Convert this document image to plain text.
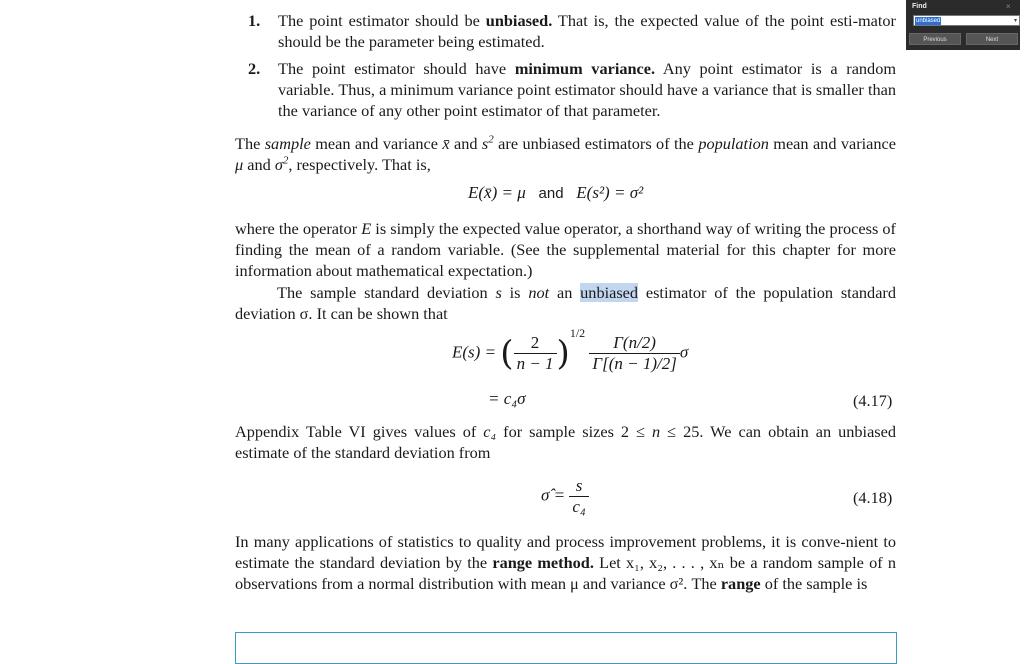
1. The point estimator should be unbiased. That is, the expected value of the point esti-mator should be the parameter being estimated.
2. The point estimator should have minimum variance. Any point estimator is a random variable. Thus, a minimum variance point estimator should have a variance that is smaller than the variance of any other point estimator of that parameter.
The sample mean and variance x̄ and $s^2$ are unbiased estimators of the population mean and variance μ and $\sigma^2$, respectively. That is,
E(x̄) = μ and E(s²) = σ²
where the operator E is simply the expected value operator, a shorthand way of writing the process of finding the mean of a random variable. (See the supplemental material for this chapter for more information about mathematical expectation.)
The sample standard deviation s is not an unbiased estimator of the population standard deviation σ. It can be shown that
E(s) = ( $\frac{2}{n - 1} )^{1/2}$
$\frac{\Gamma(n/2)}{\Gamma[(n - 1)/2]}$ σ
= c₄σ	(4.17)
Appendix Table VI gives values of c₄ for sample sizes 2 ≤ n ≤ 25. We can obtain an unbiased estimate of the standard deviation from
σ̂ = $\frac{s}{\text{c₄}}$	(4.18)
In many applications of statistics to quality and process improvement problems, it is conve-nient to estimate the standard deviation by the range method. Let x₁, x₂, . . . , xₙ be a random sample of n observations from a normal distribution with mean μ and variance σ². The range of the sample is
Find	×
unbiased	▾
Previous	Next
